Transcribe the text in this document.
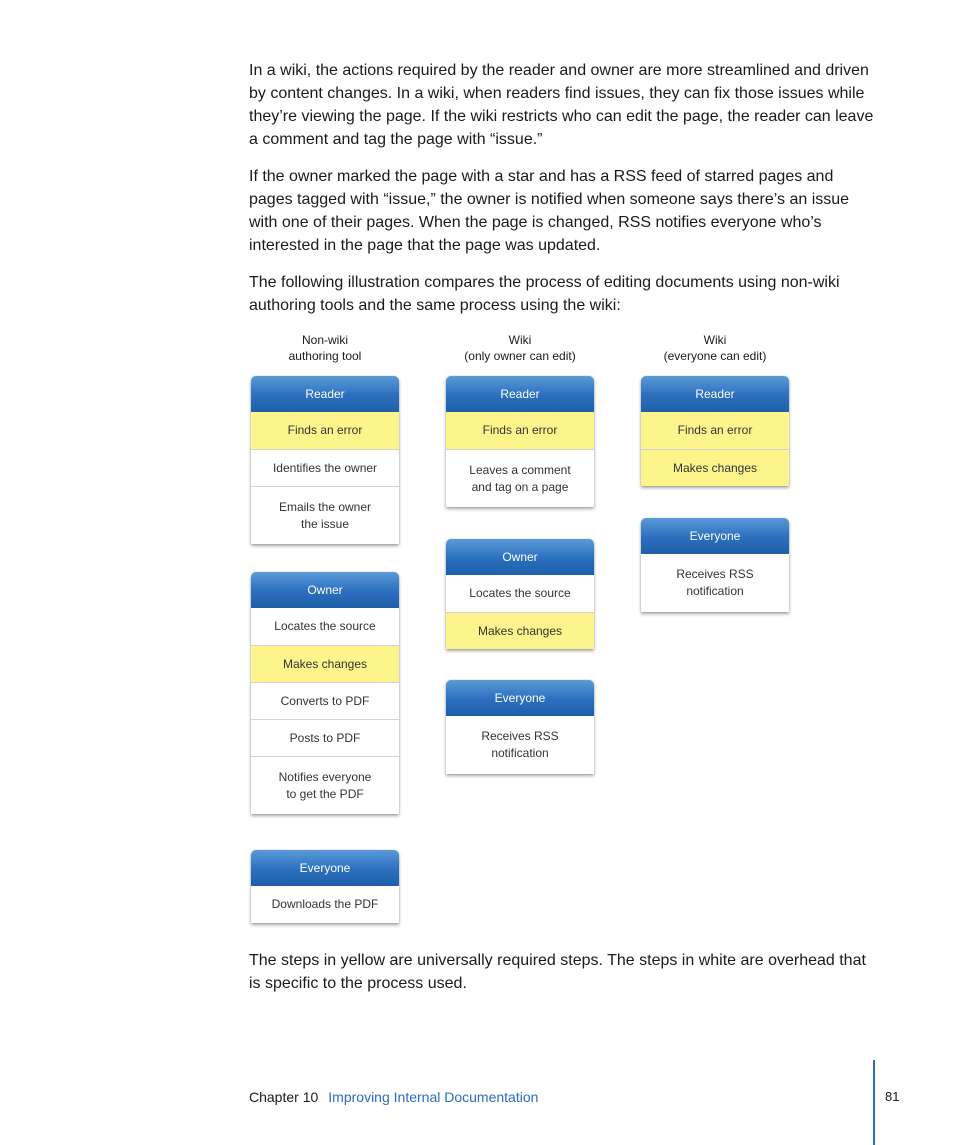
In a wiki, the actions required by the reader and owner are more streamlined and driven by content changes. In a wiki, when readers find issues, they can fix those issues while they’re viewing the page. If the wiki restricts who can edit the page, the reader can leave a comment and tag the page with “issue.”

If the owner marked the page with a star and has a RSS feed of starred pages and pages tagged with “issue,” the owner is notified when someone says there’s an issue with one of their pages. When the page is changed, RSS notifies everyone who’s interested in the page that the page was updated.

The following illustration compares the process of editing documents using non-wiki authoring tools and the same process using the wiki:

Non-wiki
authoring tool
Reader
Finds an error
Identifies the owner
Emails the owner
the issue
Owner
Locates the source
Makes changes
Converts to PDF
Posts to PDF
Notifies everyone
to get the PDF
Everyone
Downloads the PDF
Wiki
(only owner can edit)
Reader
Finds an error
Leaves a comment
and tag on a page
Owner
Locates the source
Makes changes
Everyone
Receives RSS
notification
Wiki
(everyone can edit)
Reader
Finds an error
Makes changes
Everyone
Receives RSS
notification

The steps in yellow are universally required steps. The steps in white are overhead that is specific to the process used.

Chapter 10 Improving Internal Documentation	81
